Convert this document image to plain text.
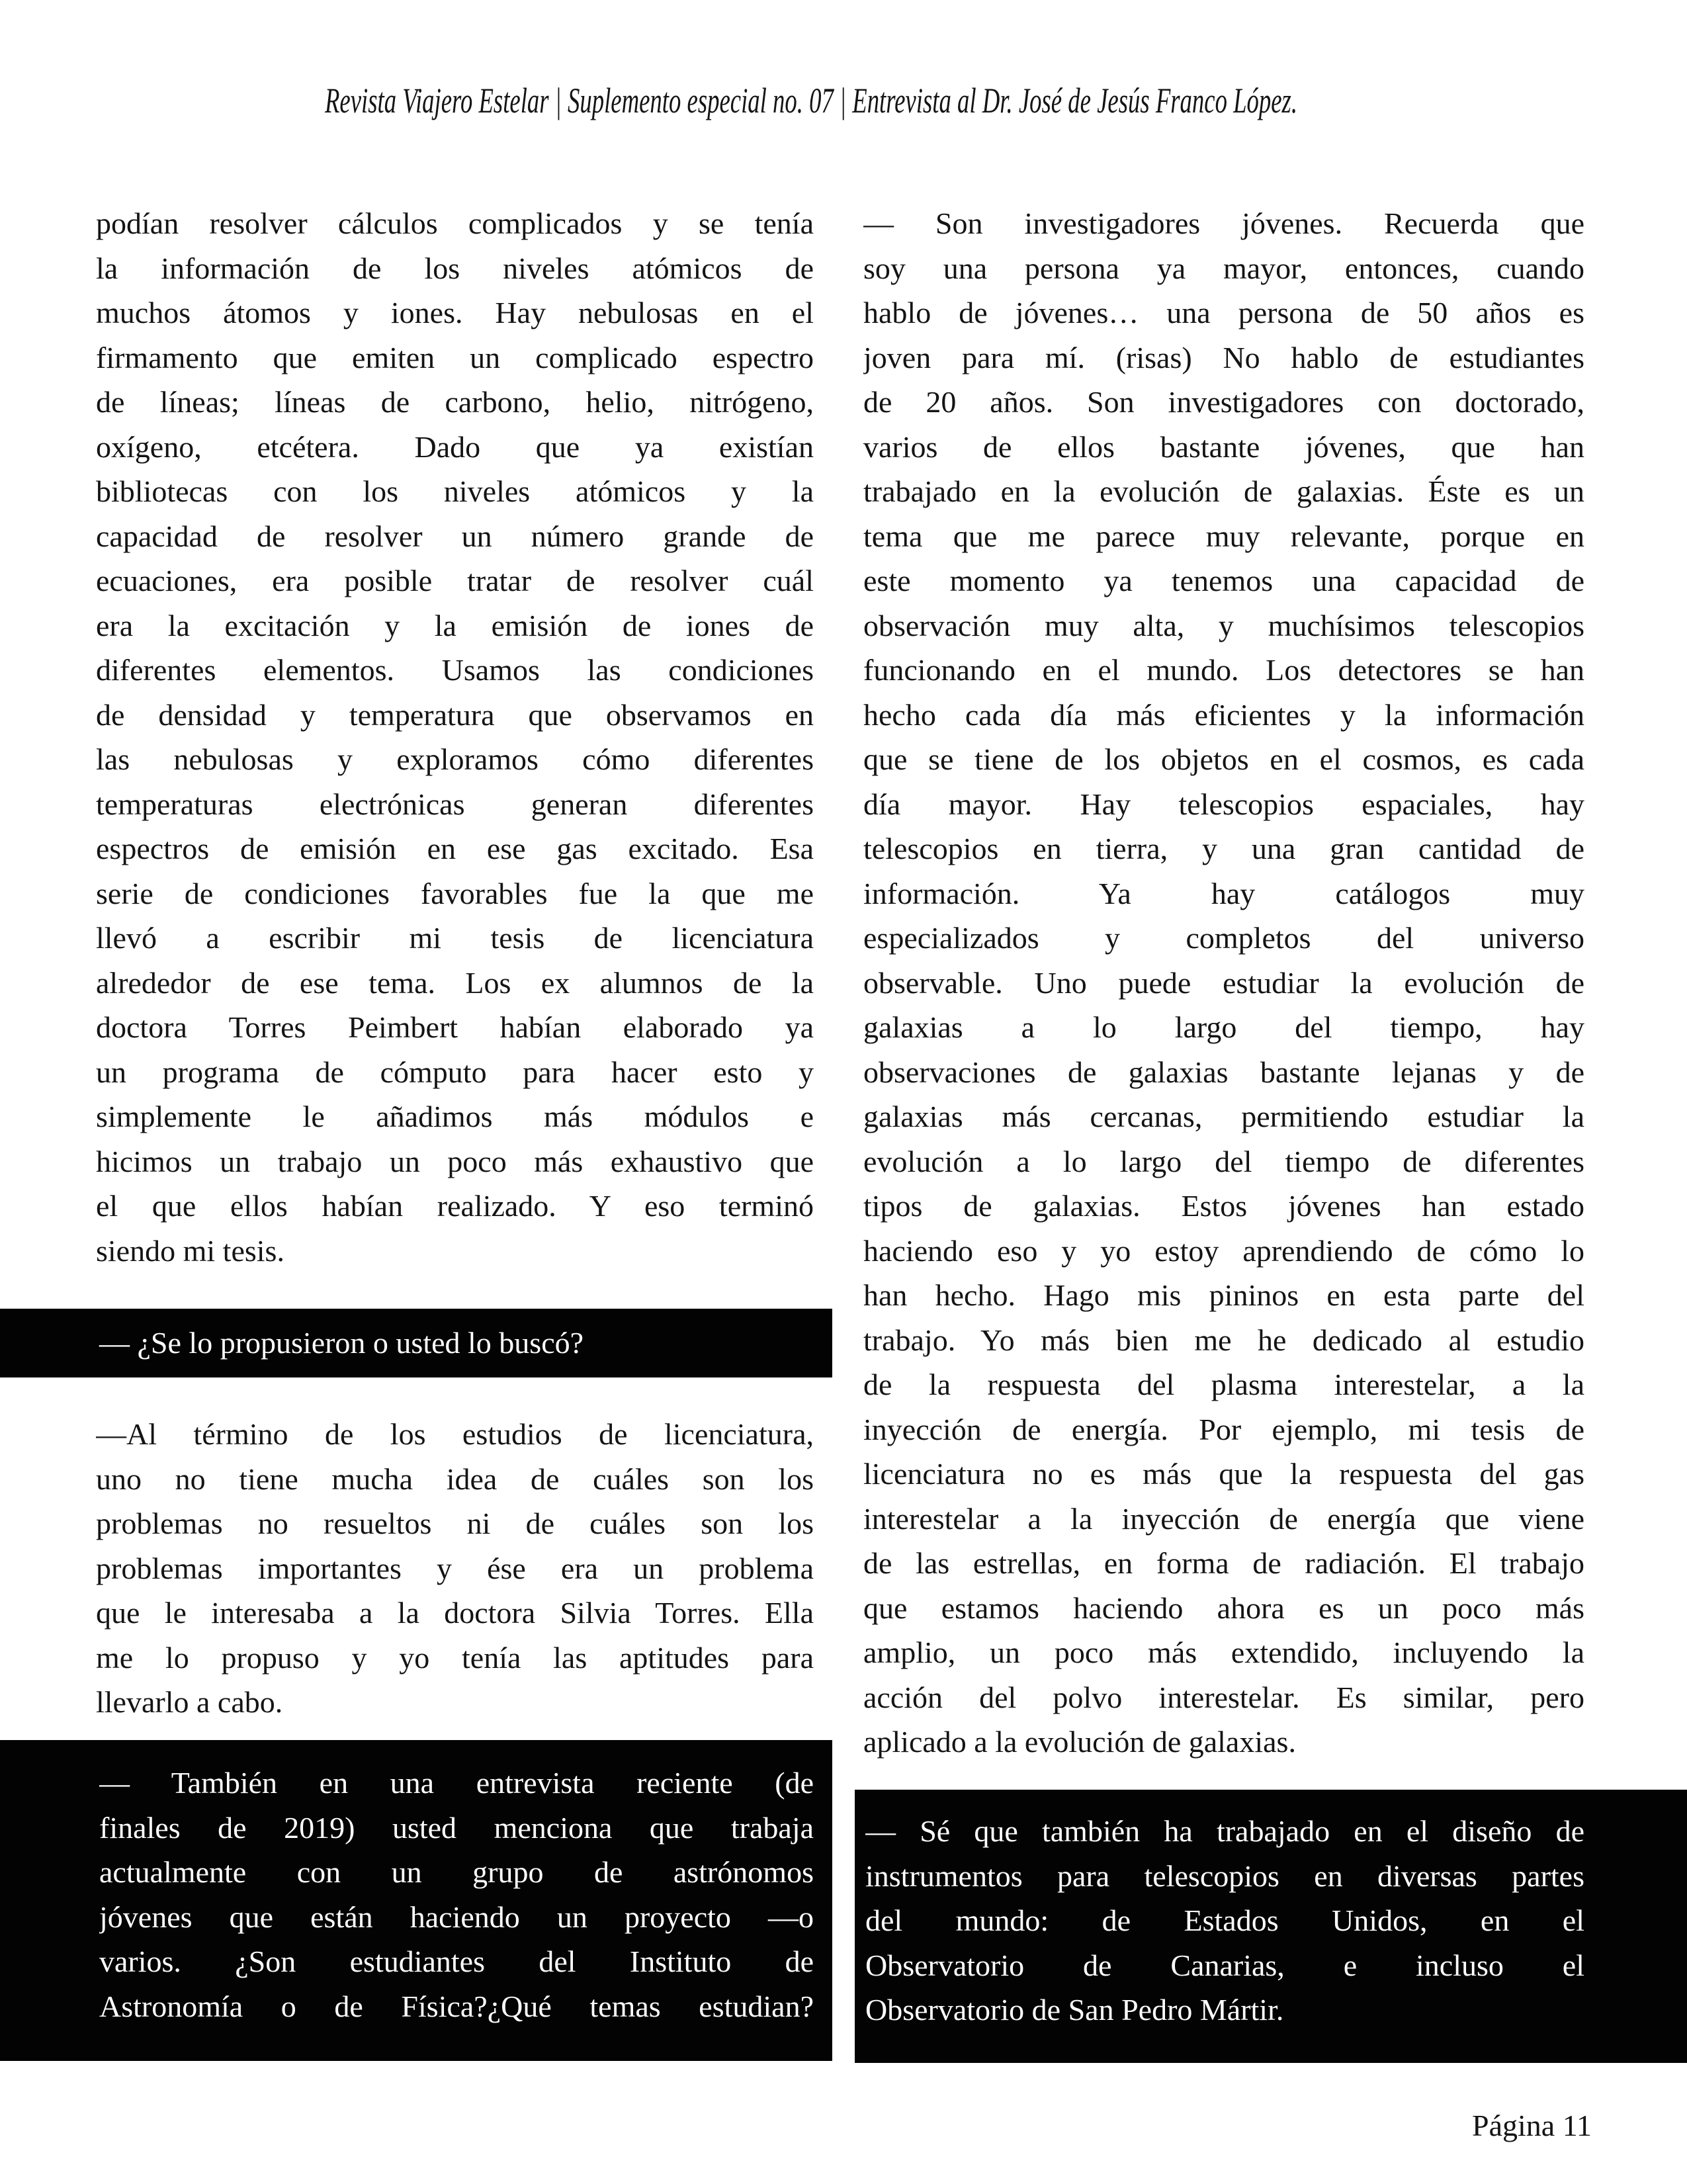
Revista Viajero Estelar | Suplemento especial no. 07 | Entrevista al Dr. José de Jesús Franco López.
podían resolver cálculos complicados y se tenía
la información de los niveles atómicos de
muchos átomos y iones. Hay nebulosas en el
firmamento que emiten un complicado espectro
de líneas; líneas de carbono, helio, nitrógeno,
oxígeno, etcétera. Dado que ya existían
bibliotecas con los niveles atómicos y la
capacidad de resolver un número grande de
ecuaciones, era posible tratar de resolver cuál
era la excitación y la emisión de iones de
diferentes elementos. Usamos las condiciones
de densidad y temperatura que observamos en
las nebulosas y exploramos cómo diferentes
temperaturas electrónicas generan diferentes
espectros de emisión en ese gas excitado. Esa
serie de condiciones favorables fue la que me
llevó a escribir mi tesis de licenciatura
alrededor de ese tema. Los ex alumnos de la
doctora Torres Peimbert habían elaborado ya
un programa de cómputo para hacer esto y
simplemente le añadimos más módulos e
hicimos un trabajo un poco más exhaustivo que
el que ellos habían realizado. Y eso terminó
siendo mi tesis.
— ¿Se lo propusieron o usted lo buscó?
—Al término de los estudios de licenciatura,
uno no tiene mucha idea de cuáles son los
problemas no resueltos ni de cuáles son los
problemas importantes y ése era un problema
que le interesaba a la doctora Silvia Torres. Ella
me lo propuso y yo tenía las aptitudes para
llevarlo a cabo.
— También en una entrevista reciente (de
finales de 2019) usted menciona que trabaja
actualmente con un grupo de astrónomos
jóvenes que están haciendo un proyecto —o
varios. ¿Son estudiantes del Instituto de
Astronomía o de Física?¿Qué temas estudian?
— Son investigadores jóvenes. Recuerda que
soy una persona ya mayor, entonces, cuando
hablo de jóvenes… una persona de 50 años es
joven para mí. (risas) No hablo de estudiantes
de 20 años. Son investigadores con doctorado,
varios de ellos bastante jóvenes, que han
trabajado en la evolución de galaxias. Éste es un
tema que me parece muy relevante, porque en
este momento ya tenemos una capacidad de
observación muy alta, y muchísimos telescopios
funcionando en el mundo. Los detectores se han
hecho cada día más eficientes y la información
que se tiene de los objetos en el cosmos, es cada
día mayor. Hay telescopios espaciales, hay
telescopios en tierra, y una gran cantidad de
información. Ya hay catálogos muy
especializados y completos del universo
observable. Uno puede estudiar la evolución de
galaxias a lo largo del tiempo, hay
observaciones de galaxias bastante lejanas y de
galaxias más cercanas, permitiendo estudiar la
evolución a lo largo del tiempo de diferentes
tipos de galaxias. Estos jóvenes han estado
haciendo eso y yo estoy aprendiendo de cómo lo
han hecho. Hago mis pininos en esta parte del
trabajo. Yo más bien me he dedicado al estudio
de la respuesta del plasma interestelar, a la
inyección de energía. Por ejemplo, mi tesis de
licenciatura no es más que la respuesta del gas
interestelar a la inyección de energía que viene
de las estrellas, en forma de radiación. El trabajo
que estamos haciendo ahora es un poco más
amplio, un poco más extendido, incluyendo la
acción del polvo interestelar. Es similar, pero
aplicado a la evolución de galaxias.
— Sé que también ha trabajado en el diseño de
instrumentos para telescopios en diversas partes
del mundo: de Estados Unidos, en el
Observatorio de Canarias, e incluso el
Observatorio de San Pedro Mártir.
Página 11
